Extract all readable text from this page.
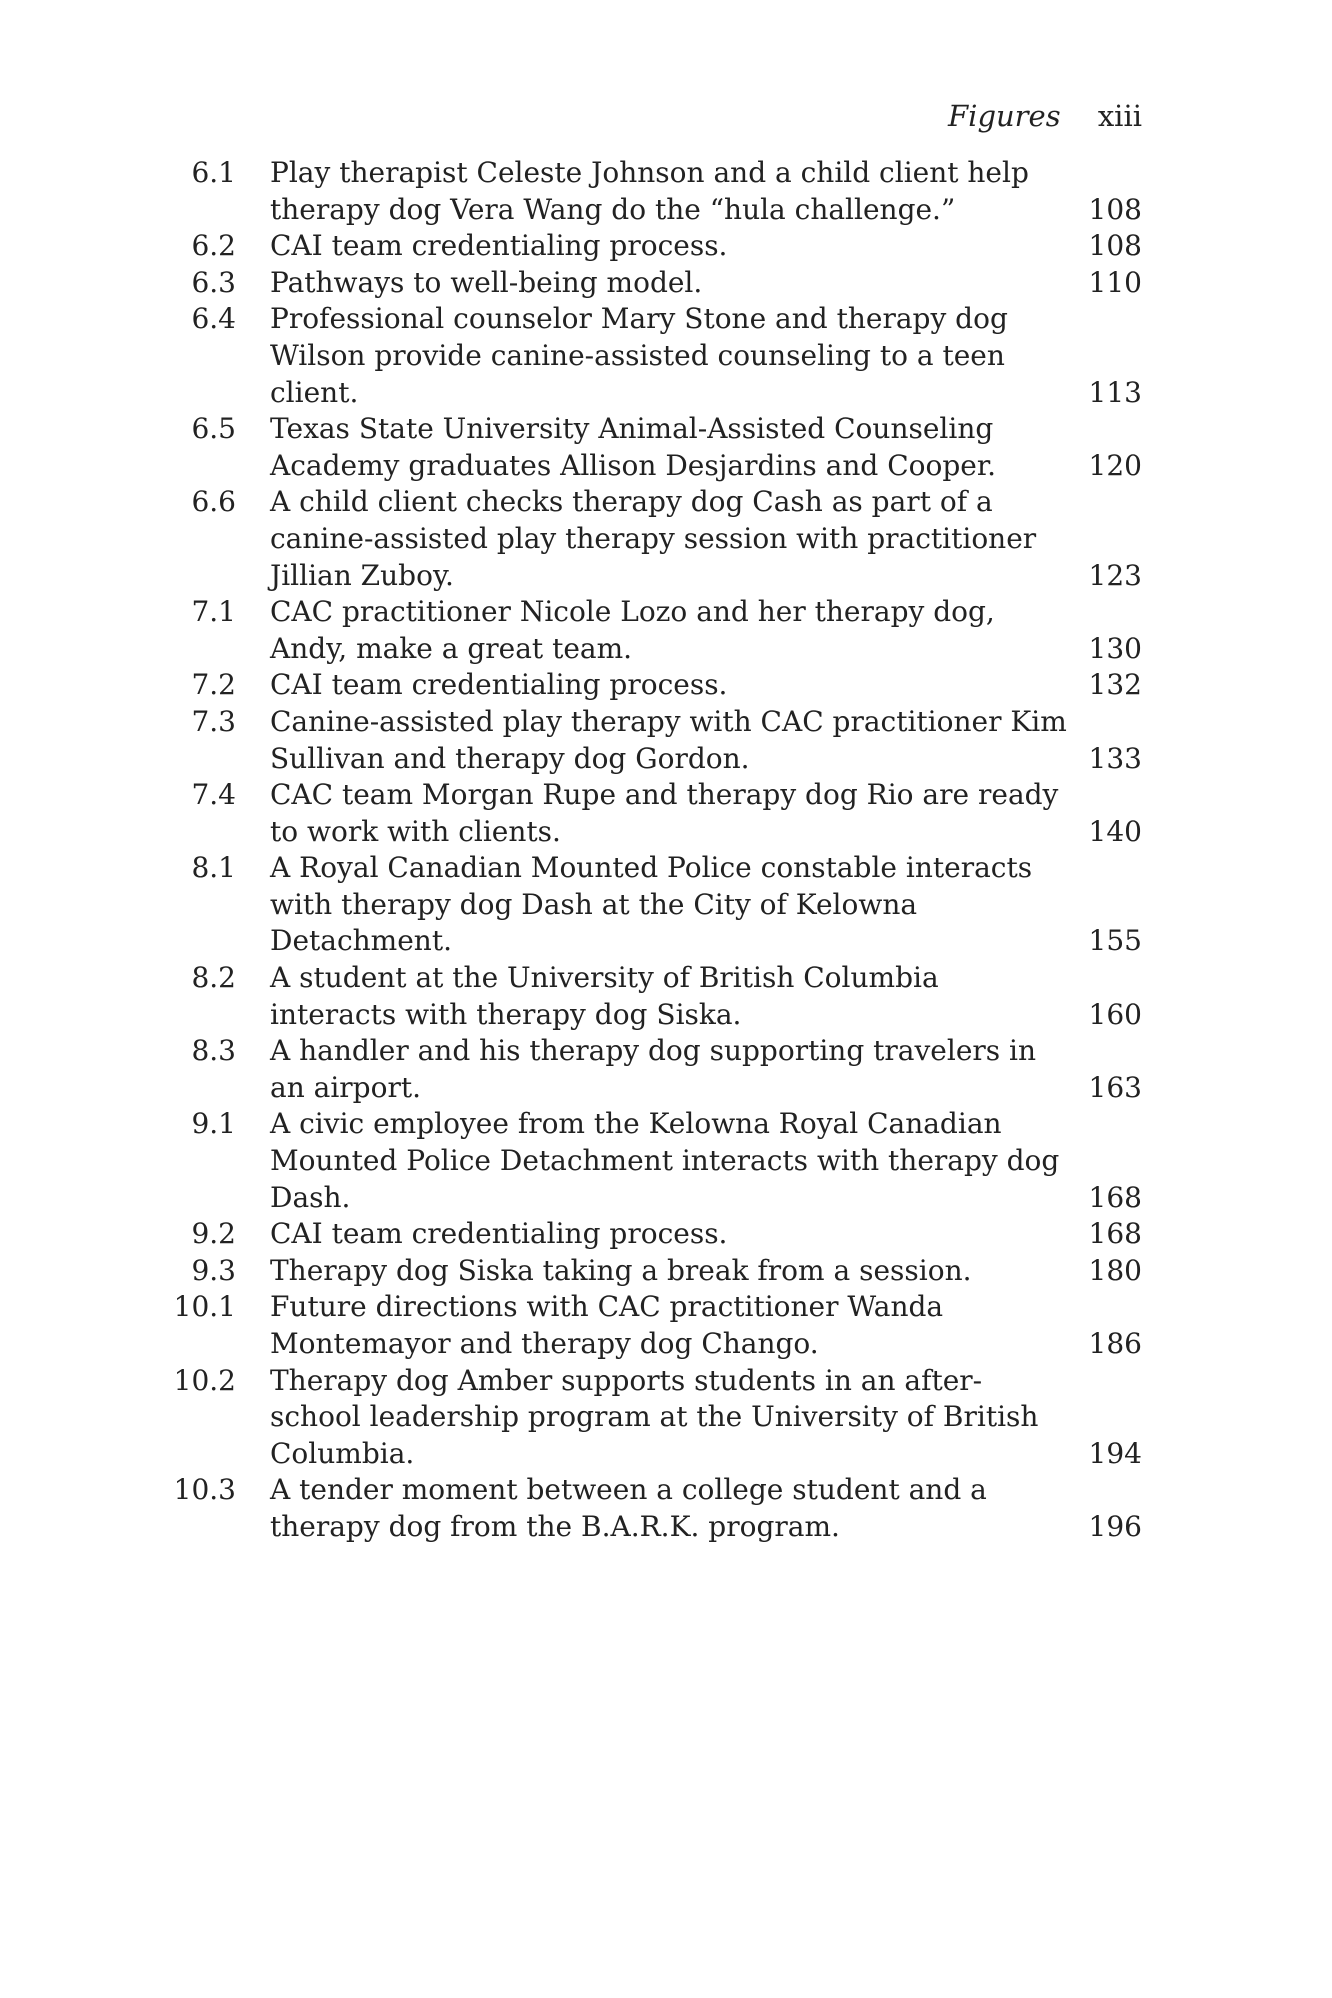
Figures xiii
6.1 Play therapist Celeste Johnson and a child client help therapy dog Vera Wang do the “hula challenge.”	108
6.2 CAI team credentialing process.	108
6.3 Pathways to well-being model.	110
6.4 Professional counselor Mary Stone and therapy dog Wilson provide canine-assisted counseling to a teen client.	113
6.5 Texas State University Animal-Assisted Counseling Academy graduates Allison Desjardins and Cooper.	120
6.6 A child client checks therapy dog Cash as part of a canine-assisted play therapy session with practitioner Jillian Zuboy.	123
7.1 CAC practitioner Nicole Lozo and her therapy dog, Andy, make a great team.	130
7.2 CAI team credentialing process.	132
7.3 Canine-assisted play therapy with CAC practitioner Kim Sullivan and therapy dog Gordon.	133
7.4 CAC team Morgan Rupe and therapy dog Rio are ready to work with clients.	140
8.1 A Royal Canadian Mounted Police constable interacts with therapy dog Dash at the City of Kelowna Detachment.	155
8.2 A student at the University of British Columbia interacts with therapy dog Siska.	160
8.3 A handler and his therapy dog supporting travelers in an airport.	163
9.1 A civic employee from the Kelowna Royal Canadian Mounted Police Detachment interacts with therapy dog Dash.	168
9.2 CAI team credentialing process.	168
9.3 Therapy dog Siska taking a break from a session.	180
10.1 Future directions with CAC practitioner Wanda Montemayor and therapy dog Chango.	186
10.2 Therapy dog Amber supports students in an after-school leadership program at the University of British Columbia.	194
10.3 A tender moment between a college student and a therapy dog from the B.A.R.K. program.	196
